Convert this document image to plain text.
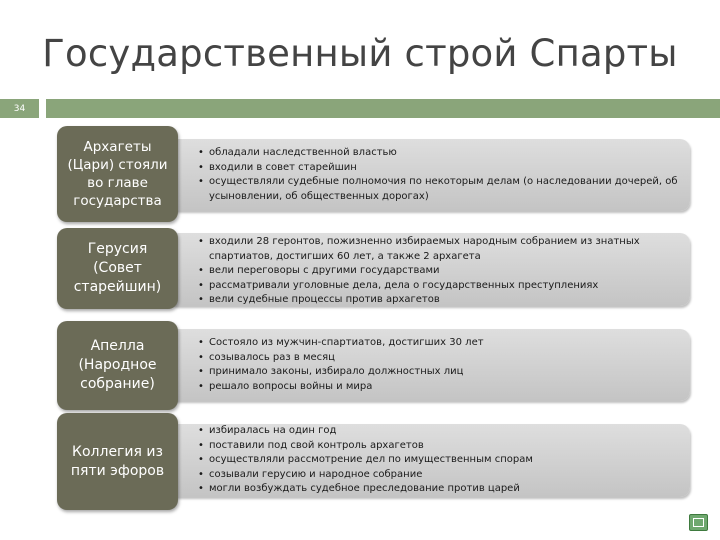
Государственный строй Спарты
34
Архагеты (Цари) стояли во главе государства
• обладали наследственной властью
• входили в совет старейшин
• осуществляли судебные полномочия по некоторым делам (о наследовании дочерей, об усыновлении, об общественных дорогах)
Герусия (Совет старейшин)
• входили 28 геронтов, пожизненно избираемых народным собранием из знатных спартиатов, достигших 60 лет, а также 2 архагета
• вели переговоры с другими государствами
• рассматривали уголовные дела, дела о государственных преступлениях
• вели судебные процессы против архагетов
Апелла (Народное собрание)
• Состояло из мужчин-спартиатов, достигших 30 лет
• созывалось раз в месяц
• принимало законы, избирало должностных лиц
• решало вопросы войны и мира
Коллегия из пяти эфоров
• избиралась на один год
• поставили под свой контроль архагетов
• осуществляли рассмотрение дел по имущественным спорам
• созывали герусию и народное собрание
• могли возбуждать судебное преследование против царей
